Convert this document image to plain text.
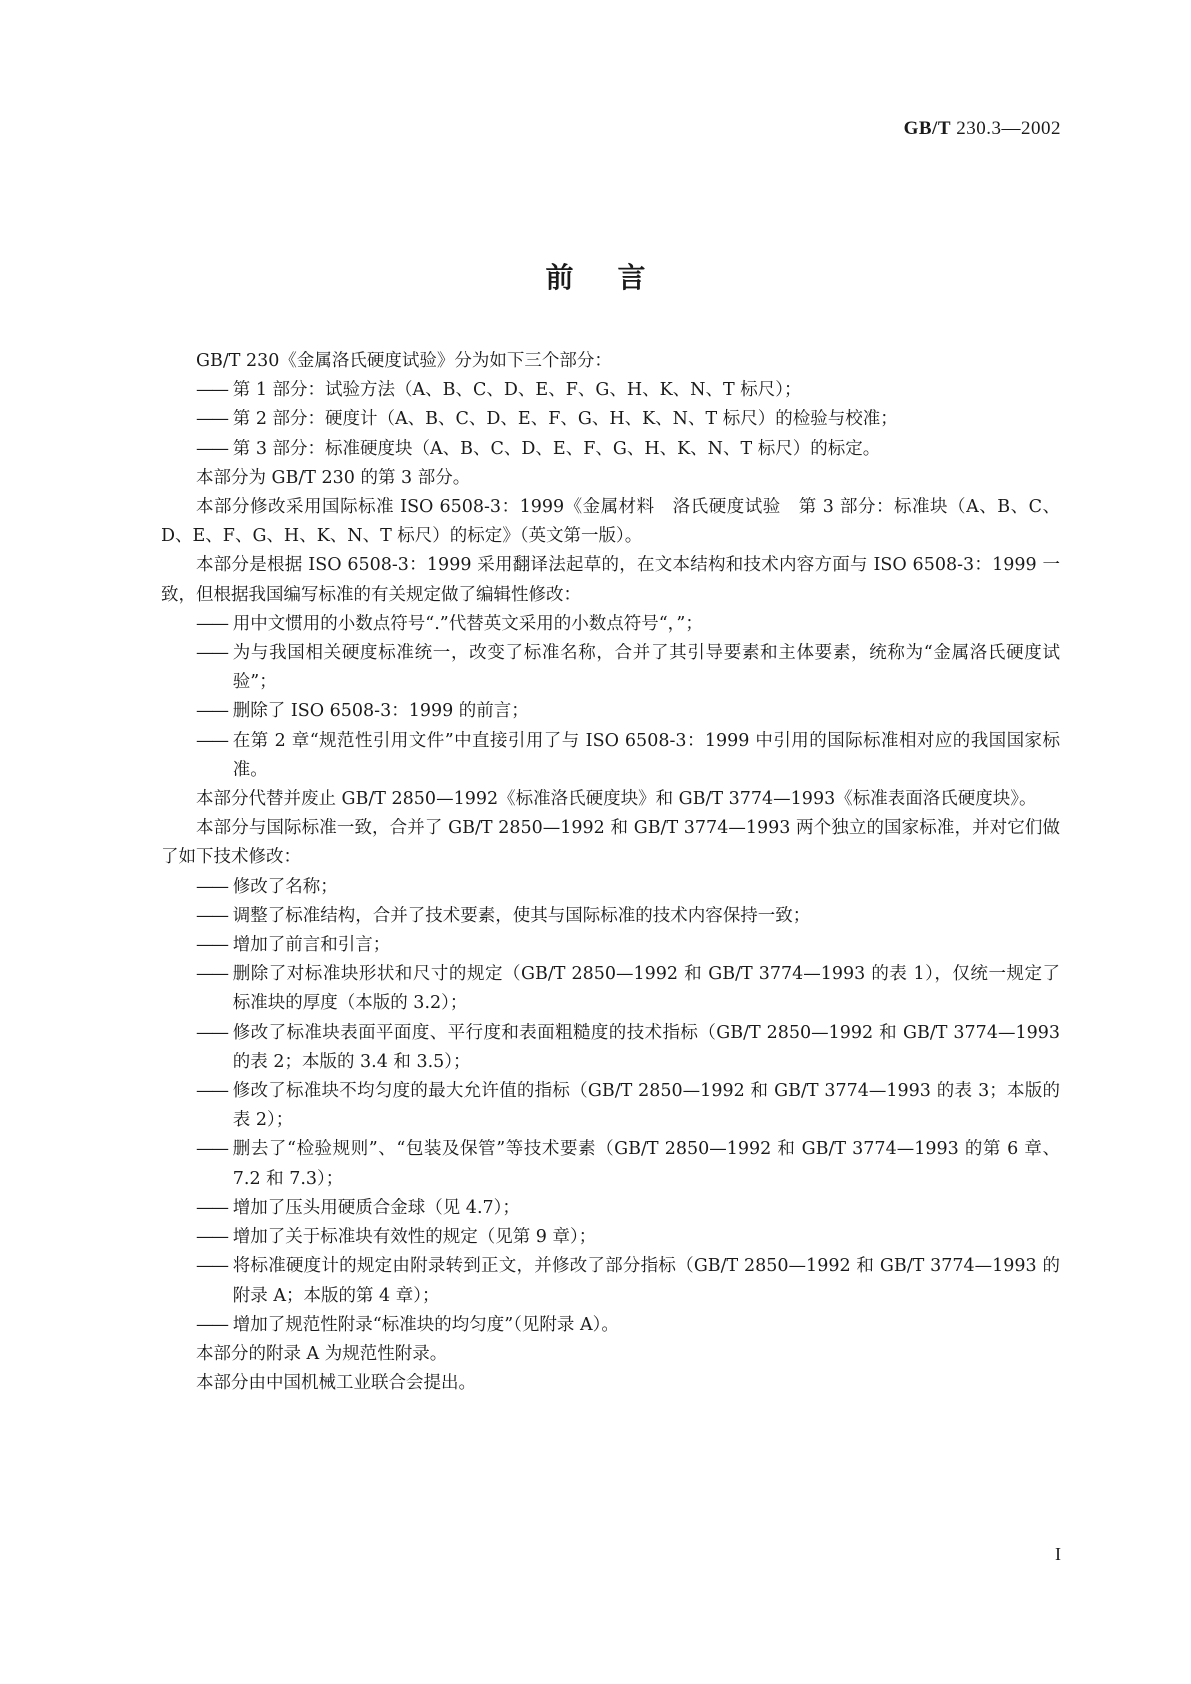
GB/T 230.3—2002
前言

GB/T 230《金属洛氏硬度试验》分为如下三个部分：

—— 第 1 部分：试验方法（A、B、C、D、E、F、G、H、K、N、T 标尺）；
—— 第 2 部分：硬度计（A、B、C、D、E、F、G、H、K、N、T 标尺）的检验与校准；
—— 第 3 部分：标准硬度块（A、B、C、D、E、F、G、H、K、N、T 标尺）的标定。

本部分为 GB/T 230 的第 3 部分。

本部分修改采用国际标准 ISO 6508-3：1999《金属材料　洛氏硬度试验　第 3 部分：标准块（A、B、C、D、E、F、G、H、K、N、T 标尺）的标定》（英文第一版）。

本部分是根据 ISO 6508-3：1999 采用翻译法起草的，在文本结构和技术内容方面与 ISO 6508-3：1999 一致，但根据我国编写标准的有关规定做了编辑性修改：

—— 用中文惯用的小数点符号“.”代替英文采用的小数点符号“，”；
—— 为与我国相关硬度标准统一，改变了标准名称，合并了其引导要素和主体要素，统称为“金属洛氏硬度试验”；
—— 删除了 ISO 6508-3：1999 的前言；
—— 在第 2 章“规范性引用文件”中直接引用了与 ISO 6508-3：1999 中引用的国际标准相对应的我国国家标准。

本部分代替并废止 GB/T 2850—1992《标准洛氏硬度块》和 GB/T 3774—1993《标准表面洛氏硬度块》。

本部分与国际标准一致，合并了 GB/T 2850—1992 和 GB/T 3774—1993 两个独立的国家标准，并对它们做了如下技术修改：

—— 修改了名称；
—— 调整了标准结构，合并了技术要素，使其与国际标准的技术内容保持一致；
—— 增加了前言和引言；
—— 删除了对标准块形状和尺寸的规定（GB/T 2850—1992 和 GB/T 3774—1993 的表 1），仅统一规定了标准块的厚度（本版的 3.2）；
—— 修改了标准块表面平面度、平行度和表面粗糙度的技术指标（GB/T 2850—1992 和 GB/T 3774—1993 的表 2；本版的 3.4 和 3.5）；
—— 修改了标准块不均匀度的最大允许值的指标（GB/T 2850—1992 和 GB/T 3774—1993 的表 3；本版的表 2）；
—— 删去了“检验规则”、“包装及保管”等技术要素（GB/T 2850—1992 和 GB/T 3774—1993 的第 6 章、7.2 和 7.3）；
—— 增加了压头用硬质合金球（见 4.7）；
—— 增加了关于标准块有效性的规定（见第 9 章）；
—— 将标准硬度计的规定由附录转到正文，并修改了部分指标（GB/T 2850—1992 和 GB/T 3774—1993 的附录 A；本版的第 4 章）；
—— 增加了规范性附录“标准块的均匀度”（见附录 A）。

本部分的附录 A 为规范性附录。

本部分由中国机械工业联合会提出。

I
